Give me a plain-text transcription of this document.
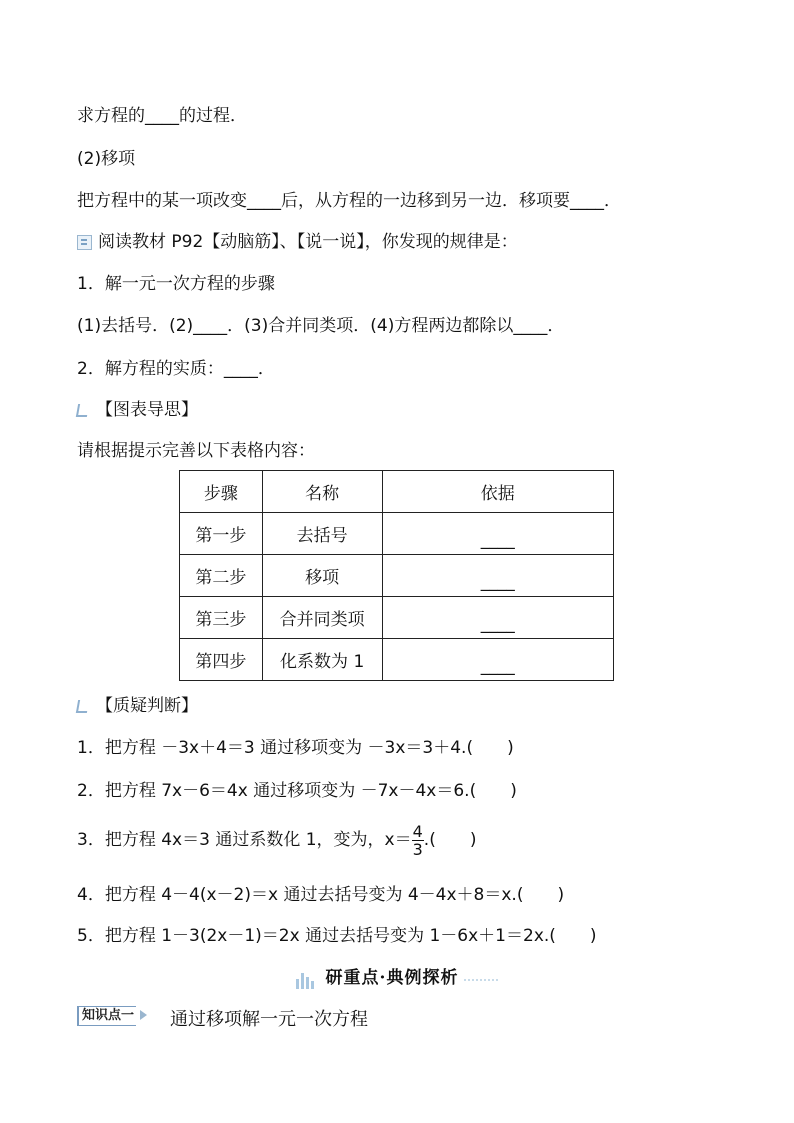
求方程的____的过程．
(2)移项
把方程中的某一项改变____后，从方程的一边移到另一边．移项要____．
阅读教材 P92【动脑筋】、【说一说】，你发现的规律是：
1．解一元一次方程的步骤
(1)去括号．(2)____．(3)合并同类项．(4)方程两边都除以____．
2．解方程的实质：____．
【图表导思】
请根据提示完善以下表格内容：
步骤	名称	依据
第一步	去括号	____
第二步	移项	____
第三步	合并同类项	____
第四步	化系数为 1	____
【质疑判断】
1．把方程 －3x＋4＝3 通过移项变为 －3x＝3＋4.(　　)
2．把方程 7x－6＝4x 通过移项变为 －7x－4x＝6.(　　)
3．把方程 4x＝3 通过系数化 1，变为，$x= \frac{4}{3}$ .(　　)
4．把方程 4－4(x－2)＝x 通过去括号变为 4－4x＋8＝x.(　　)
5．把方程 1－3(2x－1)＝2x 通过去括号变为 1－6x＋1＝2x.(　　)
研重点·典例探析
知识点一 通过移项解一元一次方程
